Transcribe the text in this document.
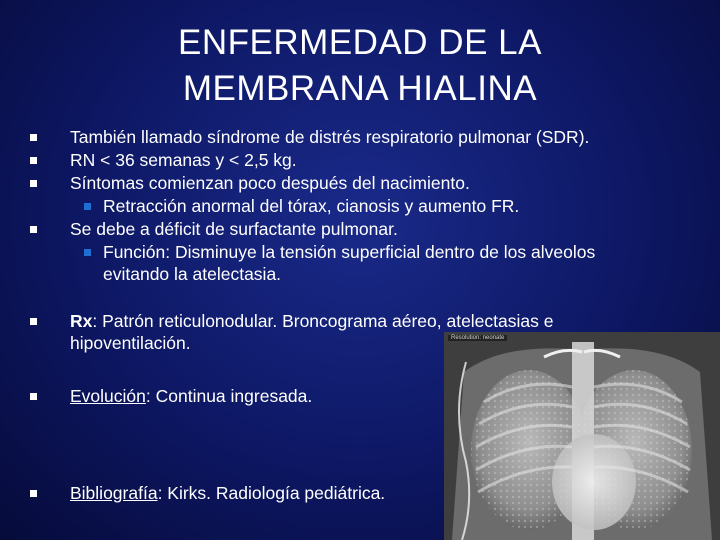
ENFERMEDAD DE LA
MEMBRANA HIALINA
También llamado síndrome de distrés respiratorio pulmonar (SDR).
RN < 36 semanas y < 2,5 kg.
Síntomas comienzan poco después del nacimiento.
Retracción anormal del tórax, cianosis y aumento FR.
Se debe a déficit de surfactante pulmonar.
Función: Disminuye la tensión superficial dentro de los alveolos
evitando la atelectasia.
Rx: Patrón reticulonodular. Broncograma aéreo, atelectasias e
hipoventilación.
Evolución: Continua ingresada.
Bibliografía: Kirks. Radiología pediátrica.
Resolution: neonate
